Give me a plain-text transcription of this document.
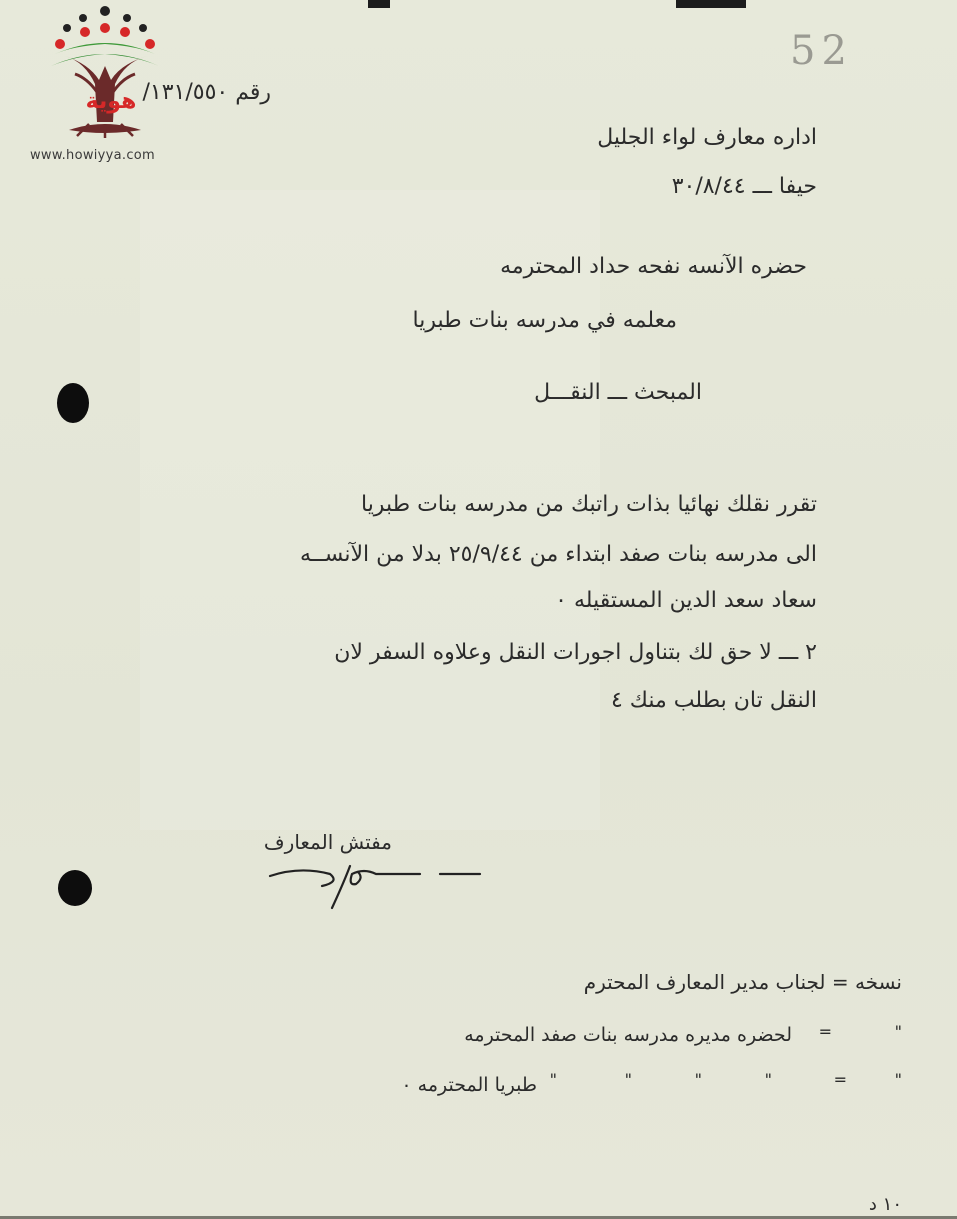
هوية
www.howiyya.com
52
رقم ١٣١/٥٥٠/
اداره معارف لواء الجليل
حيفا ـــ ٣٠/٨/٤٤
حضره الآنسه نفحه حداد المحترمه
معلمه في مدرسه بنات طبريا
المبحث ـــ النقـــل
تقرر نقلك نهائيا بذات راتبك من مدرسه بنات طبريا
الى مدرسه بنات صفد ابتداء من ٢٥/٩/٤٤ بدلا من الآنســه
سعاد سعد الدين المستقيله ٠
٢ ـــ لا حق لك بتناول اجورات النقل وعلاوه السفر لان
النقل تان بطلب منك ٤
مفتش المعارف
نسخه = لجناب مدير المعارف المحترم
"
=
لحضره مديره مدرسه بنات صفد المحترمه
"
=
"
"
"
"
طبريا المحترمه ٠
١٠ د
